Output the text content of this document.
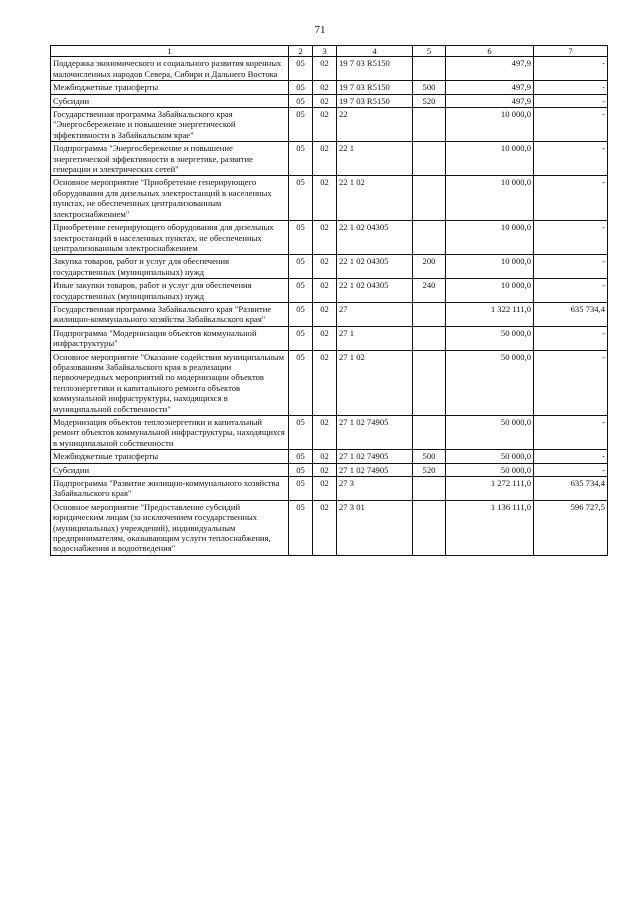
71
1	2	3	4	5	6	7
Поддержка экономического и социального развития коренных малочисленных народов Севера, Сибири и Дальнего Востока	05	02	19 7 03 R5150		497,9	-
Межбюджетные трансферты	05	02	19 7 03 R5150	500	497,9	-
Субсидии	05	02	19 7 03 R5150	520	497,9	-
Государственная программа Забайкальского края "Энергосбережение и повышение энергетической эффективности в Забайкальском крае"	05	02	22		10 000,0	-
Подпрограмма "Энергосбережение и повышение энергетической эффективности в энергетике, развитие генерации и электрических сетей"	05	02	22 1		10 000,0	-
Основное мероприятие "Приобретение генерирующего оборудования для дизельных электростанций в населенных пунктах, не обеспеченных централизованным электроснабжением"	05	02	22 1 02		10 000,0	-
Приобретение генерирующего оборудования для дизельных электростанций в населенных пунктах, не обеспеченных централизованным электроснабжением	05	02	22 1 02 04305		10 000,0	-
Закупка товаров, работ и услуг для обеспечения государственных (муниципальных) нужд	05	02	22 1 02 04305	200	10 000,0	-
Иные закупки товаров, работ и услуг для обеспечения государственных (муниципальных) нужд	05	02	22 1 02 04305	240	10 000,0	-
Государственная программа Забайкальского края "Развитие жилищно-коммунального хозяйства Забайкальского края"	05	02	27		1 322 111,0	635 734,4
Подпрограмма "Модернизация объектов коммунальной инфраструктуры"	05	02	27 1		50 000,0	-
Основное мероприятие "Оказание содействия муниципальным образованиям Забайкальского края в реализации первоочередных мероприятий по модернизации объектов теплоэнергетики и капитального ремонта объектов коммунальной инфраструктуры, находящихся в муниципальной собственности"	05	02	27 1 02		50 000,0	-
Модернизация объектов теплоэнергетики и капитальный ремонт объектов коммунальной инфраструктуры, находящихся в муниципальной собственности	05	02	27 1 02 74905		50 000,0	-
Межбюджетные трансферты	05	02	27 1 02 74905	500	50 000,0	-
Субсидии	05	02	27 1 02 74905	520	50 000,0	-
Подпрограмма "Развитие жилищно-коммунального хозяйства Забайкальского края"	05	02	27 3		1 272 111,0	635 734,4
Основное мероприятие "Предоставление субсидий юридическим лицам (за исключением государственных (муниципальных) учреждений), индивидуальным предпринимателям, оказывающим услуги теплоснабжения, водоснабжения и водоотведения"	05	02	27 3 01		1 136 111,0	596 727,5
